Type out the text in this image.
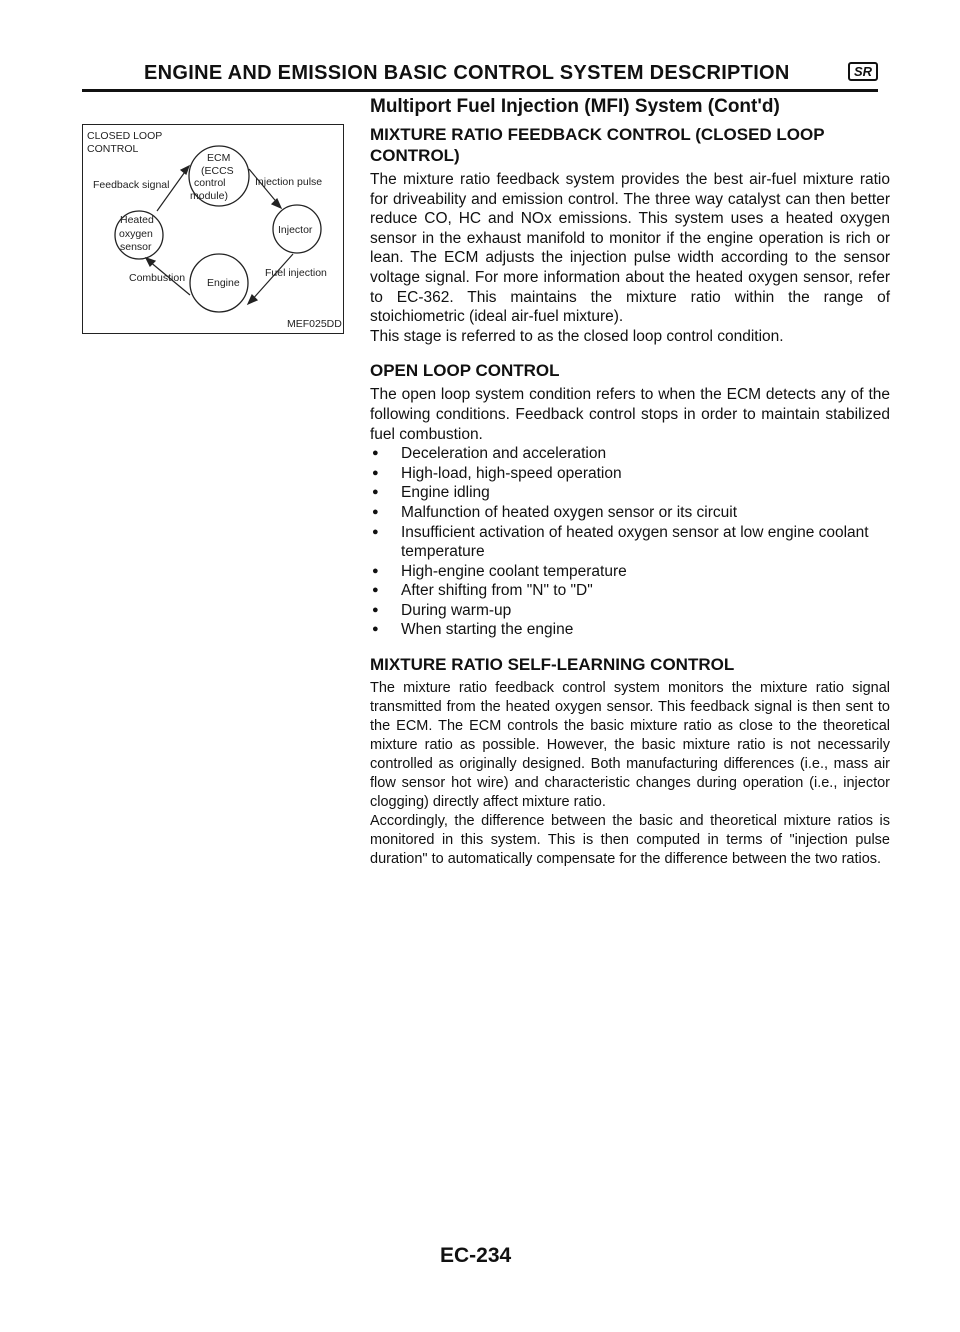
ENGINE AND EMISSION BASIC CONTROL SYSTEM DESCRIPTION	SR
Multiport Fuel Injection (MFI) System (Cont'd)
CLOSED LOOP
CONTROL
ECM
(ECCS
control
module)
Feedback signal	Injection pulse
Heated
oxygen
sensor
Injector
Combustion	Fuel injection
Engine
MEF025DD

MIXTURE RATIO FEEDBACK CONTROL (CLOSED LOOP

CONTROL)

The mixture ratio feedback system provides the best air-fuel mixture ratio for driveability and emission control. The three way catalyst can then better reduce CO, HC and NOx emissions. This system uses a heated oxygen sensor in the exhaust manifold to monitor if the engine operation is rich or lean. The ECM adjusts the injection pulse width according to the sensor voltage signal. For more information about the heated oxygen sensor, refer to EC-362. This maintains the mixture ratio within the range of stoichiometric (ideal air-fuel mixture).

This stage is referred to as the closed loop control condition.

OPEN LOOP CONTROL

The open loop system condition refers to when the ECM detects any of the following conditions. Feedback control stops in order to maintain stabilized fuel combustion.

● Deceleration and acceleration
● High-load, high-speed operation
● Engine idling
● Malfunction of heated oxygen sensor or its circuit
● Insufficient activation of heated oxygen sensor at low engine coolant temperature
● High-engine coolant temperature
● After shifting from "N" to "D"
● During warm-up
● When starting the engine

MIXTURE RATIO SELF-LEARNING CONTROL

The mixture ratio feedback control system monitors the mixture ratio signal transmitted from the heated oxygen sensor. This feedback signal is then sent to the ECM. The ECM controls the basic mixture ratio as close to the theoretical mixture ratio as possible. However, the basic mixture ratio is not necessarily controlled as originally designed. Both manufacturing differences (i.e., mass air flow sensor hot wire) and characteristic changes during operation (i.e., injector clogging) directly affect mixture ratio.

Accordingly, the difference between the basic and theoretical mixture ratios is monitored in this system. This is then computed in terms of "injection pulse duration" to automatically compensate for the difference between the two ratios.

EC-234
